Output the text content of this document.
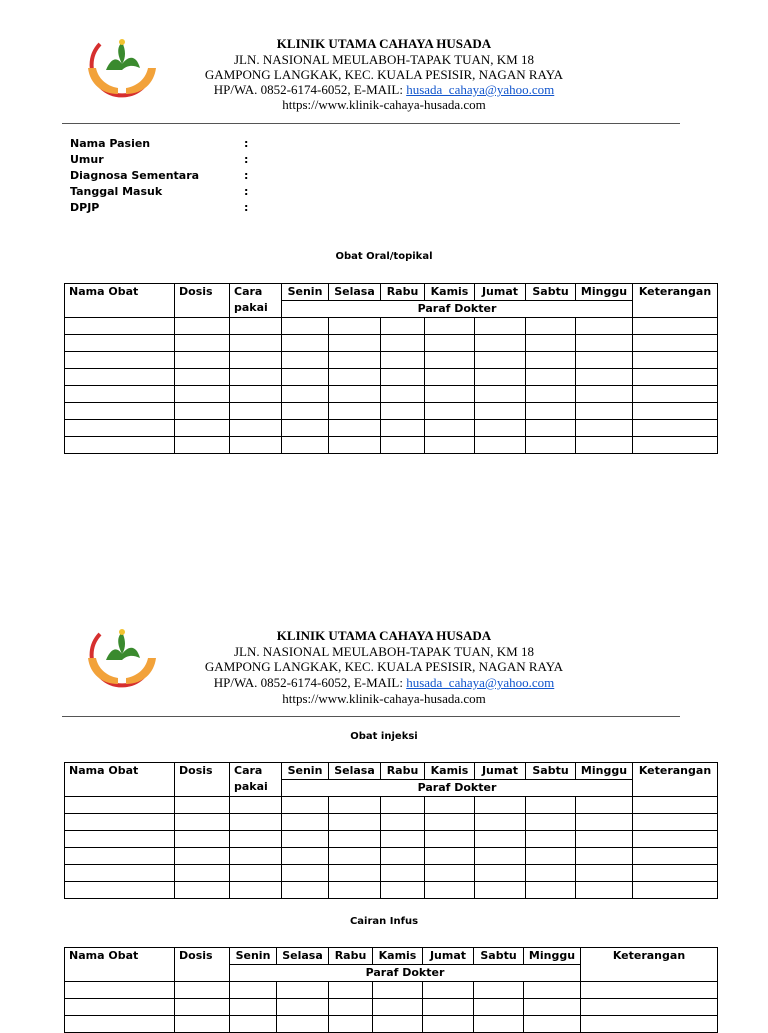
KLINIK UTAMA CAHAYA HUSADA
JLN. NASIONAL MEULABOH-TAPAK TUAN, KM 18
GAMPONG LANGKAK, KEC. KUALA PESISIR, NAGAN RAYA
HP/WA. 0852-6174-6052, E-MAIL: husada_cahaya@yahoo.com
https://www.klinik-cahaya-husada.com
Nama Pasien	:
Umur	:
Diagnosa Sementara	:
Tanggal Masuk	:
DPJP	:
Obat Oral/topikal
Nama Obat	Dosis	Cara pakai	Senin	Selasa	Rabu	Kamis	Jumat	Sabtu	Minggu	Keterangan
			Paraf Dokter							

KLINIK UTAMA CAHAYA HUSADA
JLN. NASIONAL MEULABOH-TAPAK TUAN, KM 18
GAMPONG LANGKAK, KEC. KUALA PESISIR, NAGAN RAYA
HP/WA. 0852-6174-6052, E-MAIL: husada_cahaya@yahoo.com
https://www.klinik-cahaya-husada.com
Obat injeksi
Nama Obat	Dosis	Cara pakai	Senin	Selasa	Rabu	Kamis	Jumat	Sabtu	Minggu	Keterangan
			Paraf Dokter							

Cairan Infus
Nama Obat	Dosis	Senin	Selasa	Rabu	Kamis	Jumat	Sabtu	Minggu	Keterangan
		Paraf Dokter							
